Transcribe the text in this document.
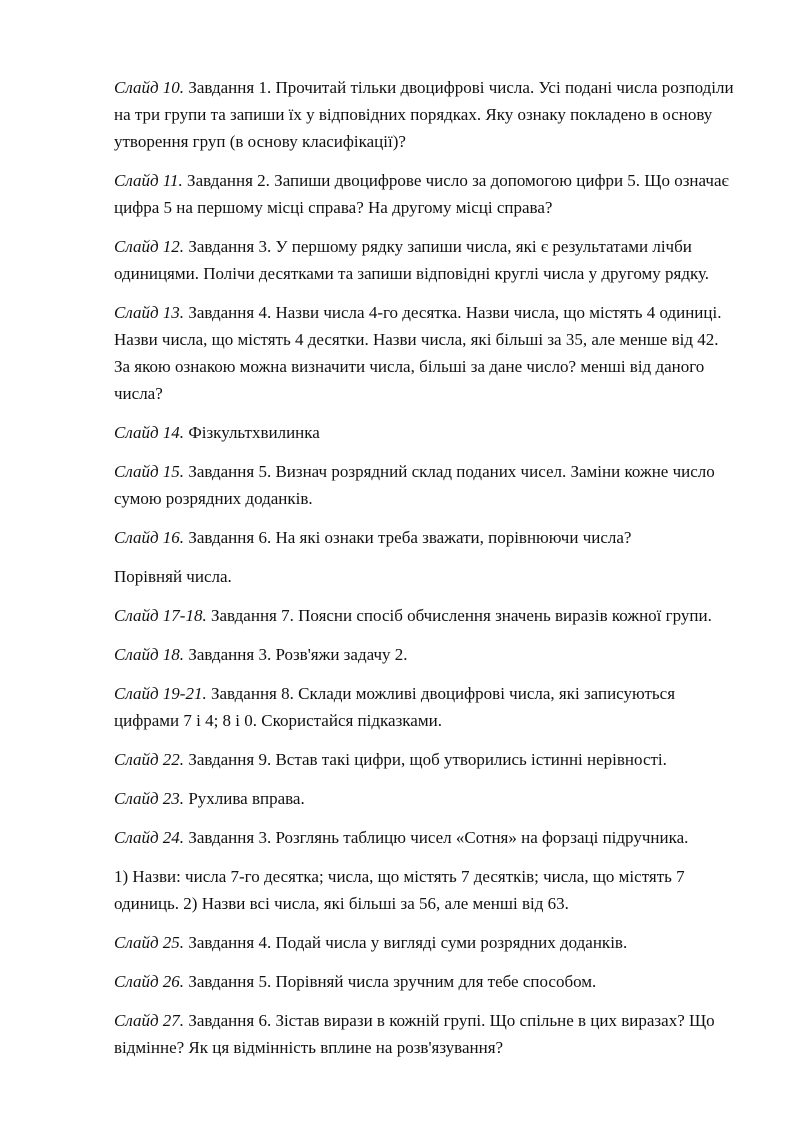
Слайд 10. Завдання 1. Прочитай тільки двоцифрові числа. Усі подані числа розподіли на три групи та запиши їх у відповідних порядках. Яку ознаку покладено в основу утворення груп (в основу класифікації)?

Слайд 11. Завдання 2. Запиши двоцифрове число за допомогою цифри 5. Що означає цифра 5 на першому місці справа? На другому місці справа?

Слайд 12. Завдання 3. У першому рядку запиши числа, які є результатами лічби одиницями. Полічи десятками та запиши відповідні круглі числа у другому рядку.

Слайд 13. Завдання 4. Назви числа 4-го десятка. Назви числа, що містять 4 одиниці. Назви числа, що містять 4 десятки. Назви числа, які більші за 35, але менше від 42. За якою ознакою можна визначити числа, більші за дане число? менші від даного числа?

Слайд 14. Фізкультхвилинка

Слайд 15. Завдання 5. Визнач розрядний склад поданих чисел. Заміни кожне число сумою розрядних доданків.

Слайд 16. Завдання 6. На які ознаки треба зважати, порівнюючи числа?

Порівняй числа.

Слайд 17-18. Завдання 7. Поясни спосіб обчислення значень виразів кожної групи.

Слайд 18. Завдання 3. Розв'яжи задачу 2.

Слайд 19-21. Завдання 8. Склади можливі двоцифрові числа, які записуються цифрами 7 і 4; 8 і 0. Скористайся підказками.

Слайд 22. Завдання 9. Встав такі цифри, щоб утворились істинні нерівності.

Слайд 23. Рухлива вправа.

Слайд 24. Завдання 3. Розглянь таблицю чисел «Сотня» на форзаці підручника.

1) Назви: числа 7-го десятка; числа, що містять 7 десятків; числа, що містять 7 одиниць. 2) Назви всі числа, які більші за 56, але менші від 63.

Слайд 25. Завдання 4. Подай числа у вигляді суми розрядних доданків.

Слайд 26. Завдання 5. Порівняй числа зручним для тебе способом.

Слайд 27. Завдання 6. Зістав вирази в кожній групі. Що спільне в цих виразах? Що відмінне? Як ця відмінність вплине на розв'язування?
